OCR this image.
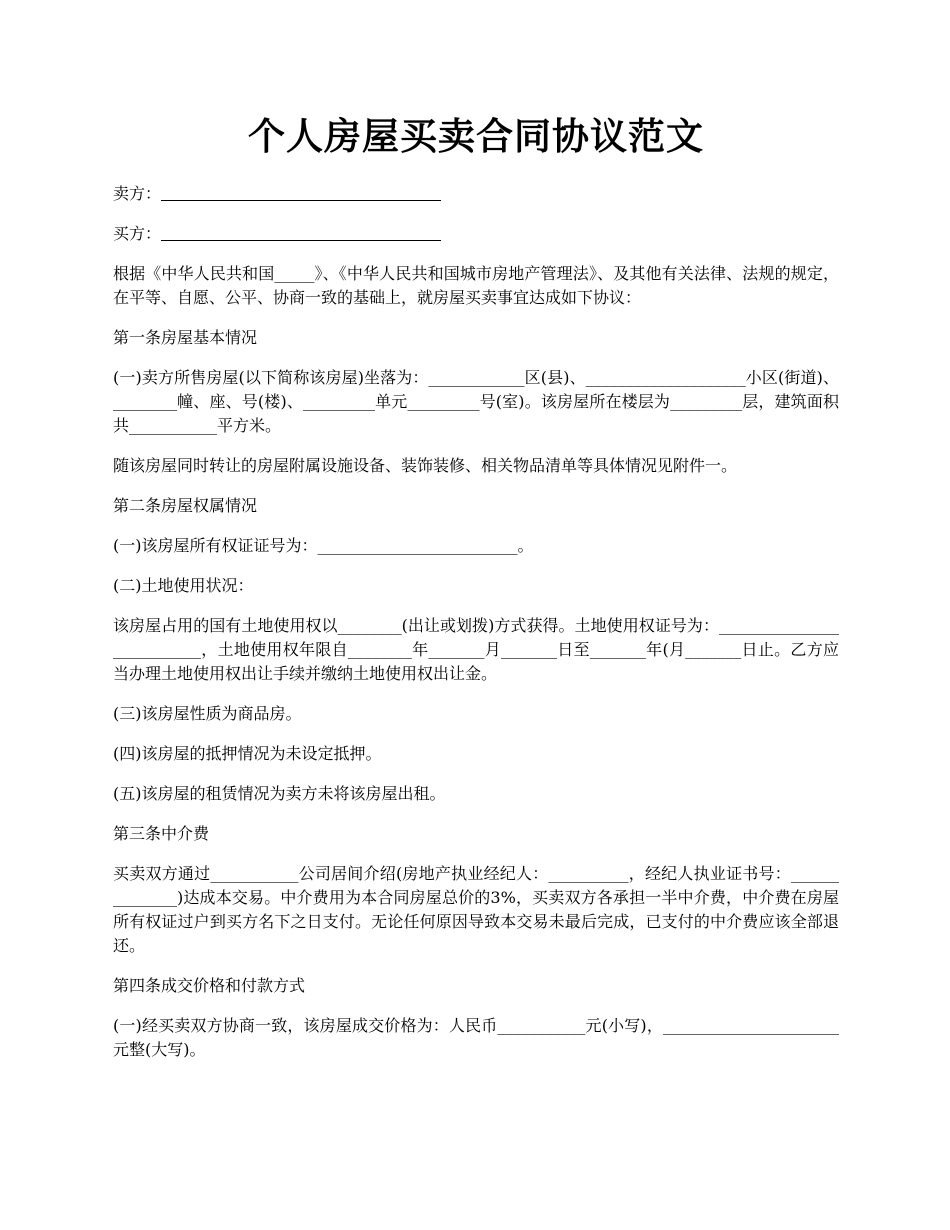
个人房屋买卖合同协议范文

卖方：

买方：

根据《中华人民共和国_____》、《中华人民共和国城市房地产管理法》、及其他有关法律、法规的规定，在平等、自愿、公平、协商一致的基础上，就房屋买卖事宜达成如下协议：

第一条房屋基本情况

(一)卖方所售房屋(以下简称该房屋)坐落为：____________区(县)、____________________小区(街道)、________幢、座、号(楼)、_________单元_________号(室)。该房屋所在楼层为_________层，建筑面积共___________平方米。

随该房屋同时转让的房屋附属设施设备、装饰装修、相关物品清单等具体情况见附件一。

第二条房屋权属情况

(一)该房屋所有权证证号为：_________________________。

(二)土地使用状况：

该房屋占用的国有土地使用权以________(出让或划拨)方式获得。土地使用权证号为：__________________________，土地使用权年限自________年_______月_______日至_______年(月_______日止。乙方应当办理土地使用权出让手续并缴纳土地使用权出让金。

(三)该房屋性质为商品房。

(四)该房屋的抵押情况为未设定抵押。

(五)该房屋的租赁情况为卖方未将该房屋出租。

第三条中介费

买卖双方通过___________公司居间介绍(房地产执业经纪人：__________，经纪人执业证书号：______________)达成本交易。中介费用为本合同房屋总价的3%，买卖双方各承担一半中介费，中介费在房屋所有权证过户到买方名下之日支付。无论任何原因导致本交易未最后完成，已支付的中介费应该全部退还。

第四条成交价格和付款方式

(一)经买卖双方协商一致，该房屋成交价格为：人民币___________元(小写)，______________________元整(大写)。
